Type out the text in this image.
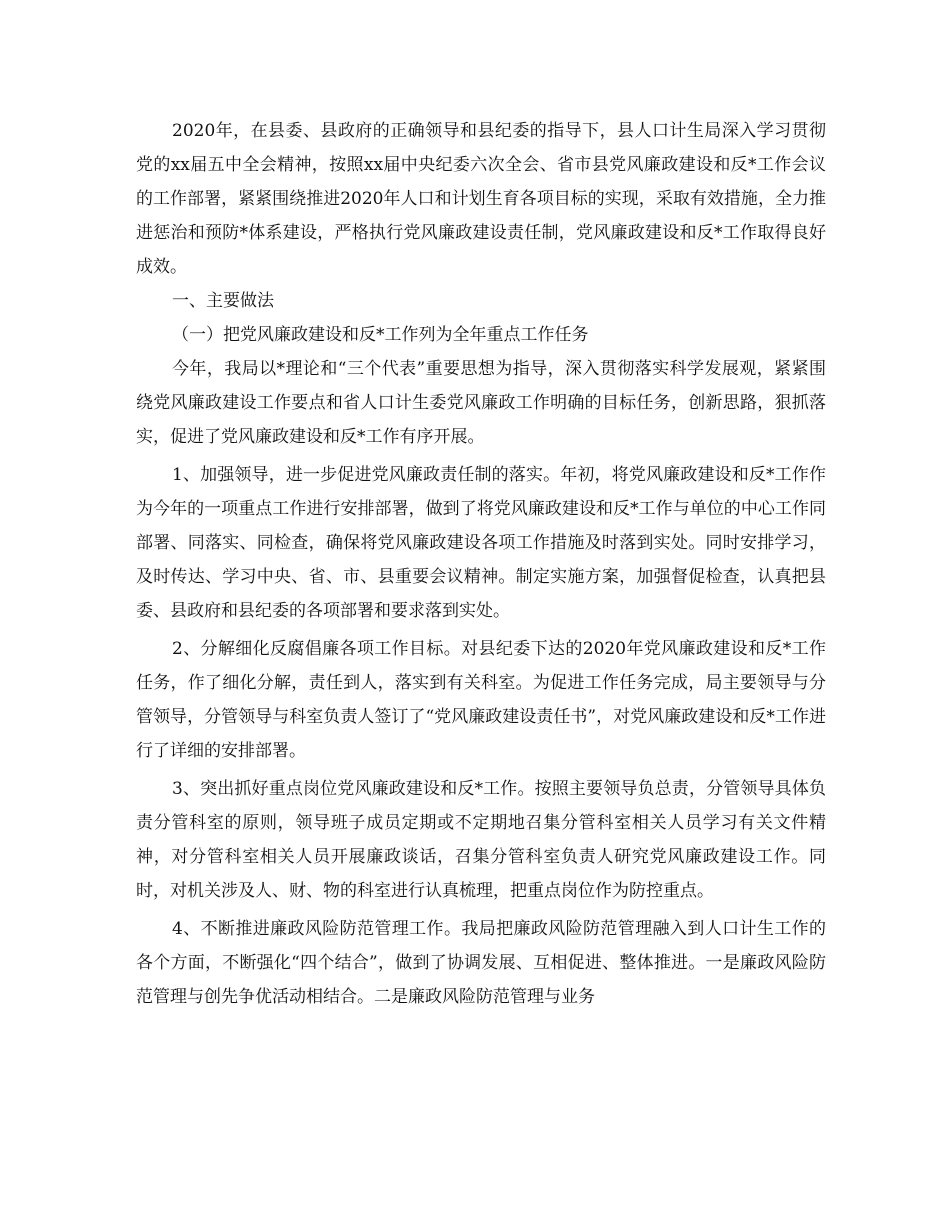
2020年，在县委、县政府的正确领导和县纪委的指导下，县人口计生局深入学习贯彻党的xx届五中全会精神，按照xx届中央纪委六次全会、省市县党风廉政建设和反*工作会议的工作部署，紧紧围绕推进2020年人口和计划生育各项目标的实现，采取有效措施，全力推进惩治和预防*体系建设，严格执行党风廉政建设责任制，党风廉政建设和反*工作取得良好成效。

一、主要做法

（一）把党风廉政建设和反*工作列为全年重点工作任务

今年，我局以*理论和“三个代表”重要思想为指导，深入贯彻落实科学发展观，紧紧围绕党风廉政建设工作要点和省人口计生委党风廉政工作明确的目标任务，创新思路，狠抓落实，促进了党风廉政建设和反*工作有序开展。

1、加强领导，进一步促进党风廉政责任制的落实。年初，将党风廉政建设和反*工作作为今年的一项重点工作进行安排部署，做到了将党风廉政建设和反*工作与单位的中心工作同部署、同落实、同检查，确保将党风廉政建设各项工作措施及时落到实处。同时安排学习，及时传达、学习中央、省、市、县重要会议精神。制定实施方案，加强督促检查，认真把县委、县政府和县纪委的各项部署和要求落到实处。

2、分解细化反腐倡廉各项工作目标。对县纪委下达的2020年党风廉政建设和反*工作任务，作了细化分解，责任到人，落实到有关科室。为促进工作任务完成，局主要领导与分管领导，分管领导与科室负责人签订了“党风廉政建设责任书”，对党风廉政建设和反*工作进行了详细的安排部署。

3、突出抓好重点岗位党风廉政建设和反*工作。按照主要领导负总责，分管领导具体负责分管科室的原则，领导班子成员定期或不定期地召集分管科室相关人员学习有关文件精神，对分管科室相关人员开展廉政谈话，召集分管科室负责人研究党风廉政建设工作。同时，对机关涉及人、财、物的科室进行认真梳理，把重点岗位作为防控重点。

4、不断推进廉政风险防范管理工作。我局把廉政风险防范管理融入到人口计生工作的各个方面，不断强化“四个结合”，做到了协调发展、互相促进、整体推进。一是廉政风险防范管理与创先争优活动相结合。二是廉政风险防范管理与业务
